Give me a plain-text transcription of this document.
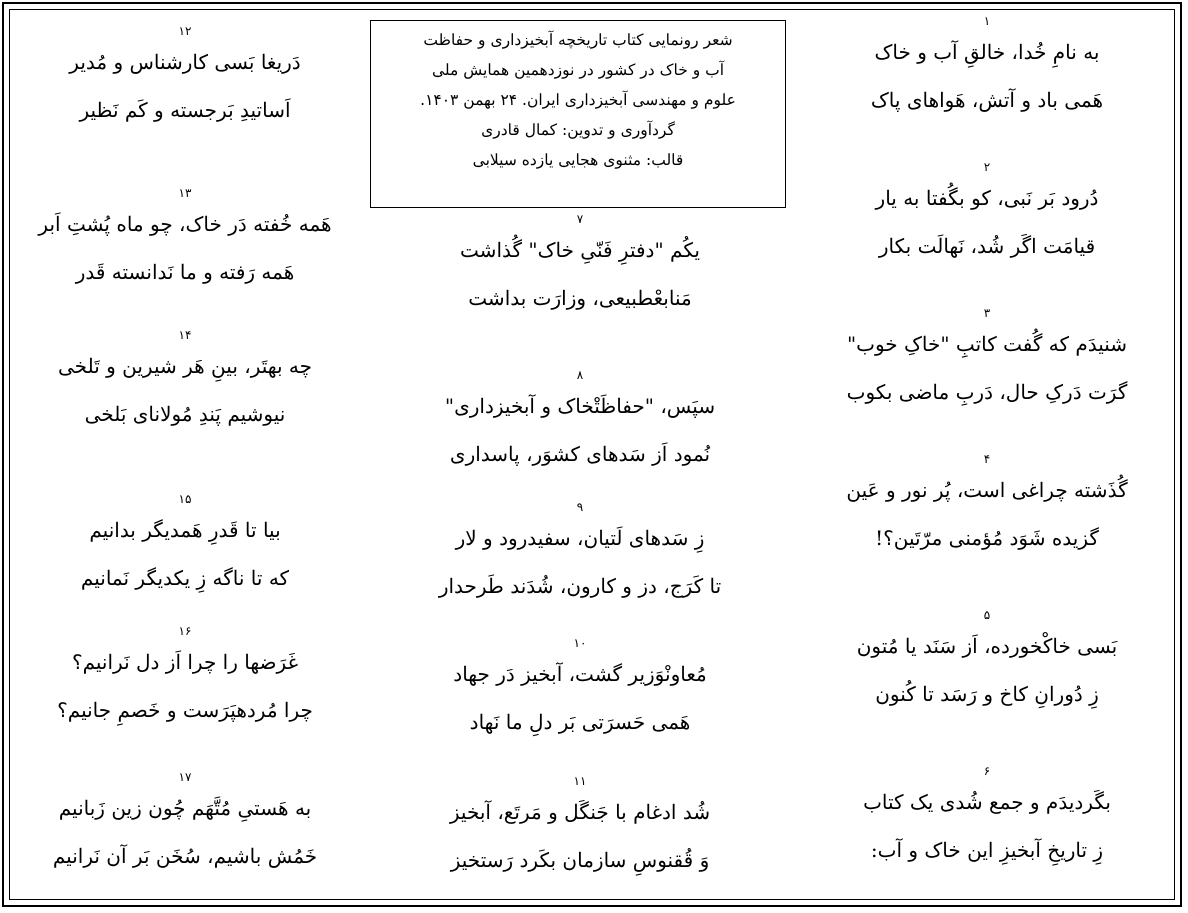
۱
به نامِ خُدا، خالقِ آب و خاک
هَمی باد و آتش، هَواهای پاک
۲
دُرود بَر نَبی، کو بگُفتا به یار
قیامَت اگَر شُد، نَهالَت بکار
۳
شنیدَم که گُفت کاتبِ "خاکِ خوب"
گرَت دَرکِ حال، دَربِ ماضی بکوب
۴
گُذَشته چراغی است، پُر نور و عَین
گزیده شَوَد مُؤمنی مرّتَین؟!
۵
بَسی خاکْخورده، اَز سَنَد یا مُتون
زِ دُورانِ کاخ و رَسَد تا کُنون
۶
بگَردیدَم و جمع شُدی یک کتاب
زِ تاریخِ آبخیزِ این خاک و آب:
شعر رونمایی کتاب تاریخچه آبخیزداری و حفاظت
آب و خاک در کشور در نوزدهمین همایش ملی
علوم و مهندسی آبخیزداری ایران. ۲۴ بهمن ۱۴۰۳.
گردآوری و تدوین: کمال قادری
قالب: مثنوی هجایی یازده سیلابی
۷
یکُم "دفترِ فَنّیِ خاک" گُذاشت
مَنابعْطبیعی، وزارَت بداشت
۸
سپَس، "حفاظَتْخاک و آبخیزداری"
نُمود اَز سَدهای کشوَر، پاسداری
۹
زِ سَدهای لَتیان، سفیدرود و لار
تا کَرَج، دز و کارون، شُدَند طَرحدار
۱۰
مُعاونْوَزیر گشت، آبخیز دَر جهاد
هَمی حَسرَتی بَر دلِ ما نَهاد
۱۱
شُد ادغام با جَنگَل و مَرتَع، آبخیز
وَ قُقنوسِ سازمان بکَرد رَستخیز
۱۲
دَریغا بَسی کارشناس و مُدیر
اَساتیدِ بَرجسته و کَم نَظیر
۱۳
هَمه خُفته دَر خاک، چو ماه پُشتِ اَبر
هَمه رَفته و ما نَدانسته قَدر
۱۴
چه بهتَر، بینِ هَر شیرین و تَلخی
نیوشیم پَندِ مُولانای بَلخی
۱۵
بیا تا قَدرِ هَمدیگر بدانیم
که تا ناگه زِ یکدیگر نَمانیم
۱۶
غَرَضها را چرا اَز دل نَرانیم؟
چرا مُردهپَرَست و خَصمِ جانیم؟
۱۷
به هَستیِ مُتَّهَم چُون زین زَبانیم
خَمُش باشیم، سُخَن بَر آن نَرانیم
